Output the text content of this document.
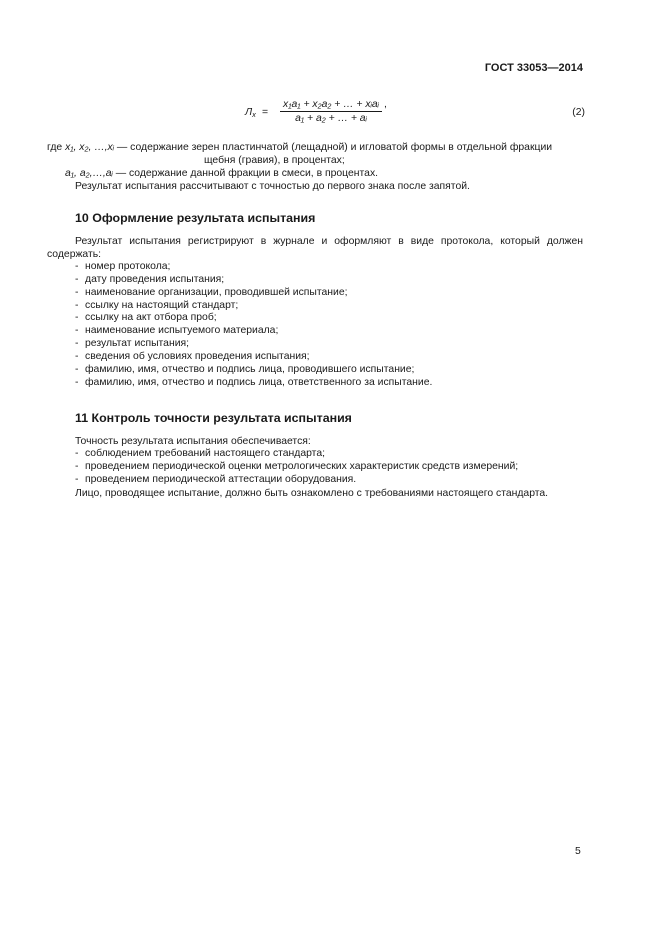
ГОСТ 33053—2014
$Л_х$ =
x₁a₁ + x₂a₂ + … + xᵢaᵢ
a₁ + a₂ + … + aᵢ
,
(2)
где x₁, x₂, …,xᵢ — содержание зерен пластинчатой (лещадной) и игловатой формы в отдельной фракции
щебня (гравия), в процентах;
a₁, a₂,…,aᵢ — содержание данной фракции в смеси, в процентах.
Результат испытания рассчитывают с точностью до первого знака после запятой.
10 Оформление результата испытания
Результат испытания регистрируют в журнале и оформляют в виде протокола, который должен
содержать:
- номер протокола;
- дату проведения испытания;
- наименование организации, проводившей испытание;
- ссылку на настоящий стандарт;
- ссылку на акт отбора проб;
- наименование испытуемого материала;
- результат испытания;
- сведения об условиях проведения испытания;
- фамилию, имя, отчество и подпись лица, проводившего испытание;
- фамилию, имя, отчество и подпись лица, ответственного за испытание.
11 Контроль точности результата испытания
Точность результата испытания обеспечивается:
- соблюдением требований настоящего стандарта;
- проведением периодической оценки метрологических характеристик средств измерений;
- проведением периодической аттестации оборудования.
Лицо, проводящее испытание, должно быть ознакомлено с требованиями настоящего стандарта.
5
